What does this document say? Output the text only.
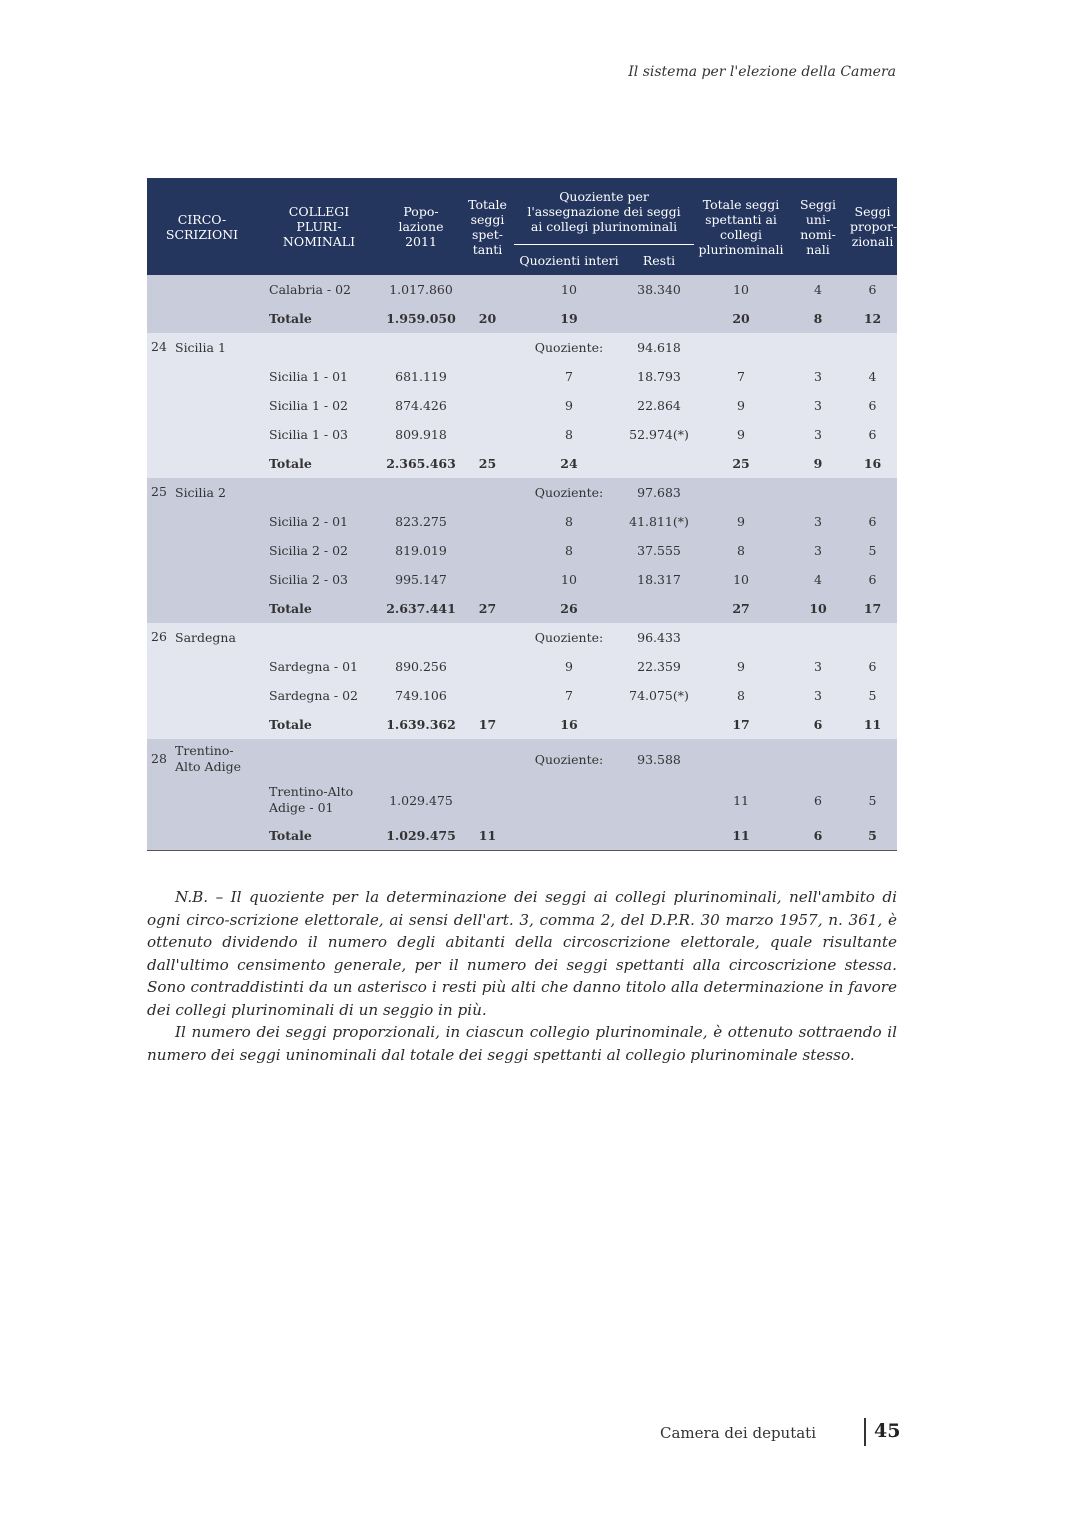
Il sistema per l'elezione della Camera
CIRCO-SCRIZIONI	COLLEGI PLURI-NOMINALI	Popo-lazione 2011	Totale seggi spet-tanti	Quoziente per l'assegnazione dei seggi ai collegi plurinominali		Totale seggi spettanti ai collegi plurinominali	Seggi uni-nomi-nali	Seggi propor-zionali
				Quozienti interi	Resti			
	Calabria - 02	1.017.860		10	38.340	10	4	6
	Totale	1.959.050	20	19		20	8	12
24 Sicilia 1				Quoziente:	94.618			
	Sicilia 1 - 01	681.119		7	18.793	7	3	4
	Sicilia 1 - 02	874.426		9	22.864	9	3	6
	Sicilia 1 - 03	809.918		8	52.974(*)	9	3	6
	Totale	2.365.463	25	24		25	9	16
25 Sicilia 2				Quoziente:	97.683			
	Sicilia 2 - 01	823.275		8	41.811(*)	9	3	6
	Sicilia 2 - 02	819.019		8	37.555	8	3	5
	Sicilia 2 - 03	995.147		10	18.317	10	4	6
	Totale	2.637.441	27	26		27	10	17
26 Sardegna				Quoziente:	96.433			
	Sardegna - 01	890.256		9	22.359	9	3	6
	Sardegna - 02	749.106		7	74.075(*)	8	3	5
	Totale	1.639.362	17	16		17	6	11
28 Trentino-Alto Adige				Quoziente:	93.588			
	Trentino-Alto Adige - 01	1.029.475				11	6	5
	Totale	1.029.475	11			11	6	5

N.B. – Il quoziente per la determinazione dei seggi ai collegi plurinominali, nell'ambito di ogni circo-scrizione elettorale, ai sensi dell'art. 3, comma 2, del D.P.R. 30 marzo 1957, n. 361, è ottenuto dividendo il numero degli abitanti della circoscrizione elettorale, quale risultante dall'ultimo censimento generale, per il numero dei seggi spettanti alla circoscrizione stessa. Sono contraddistinti da un asterisco i resti più alti che danno titolo alla determinazione in favore dei collegi plurinominali di un seggio in più.

Il numero dei seggi proporzionali, in ciascun collegio plurinominale, è ottenuto sottraendo il numero dei seggi uninominali dal totale dei seggi spettanti al collegio plurinominale stesso.

Camera dei deputati	45
